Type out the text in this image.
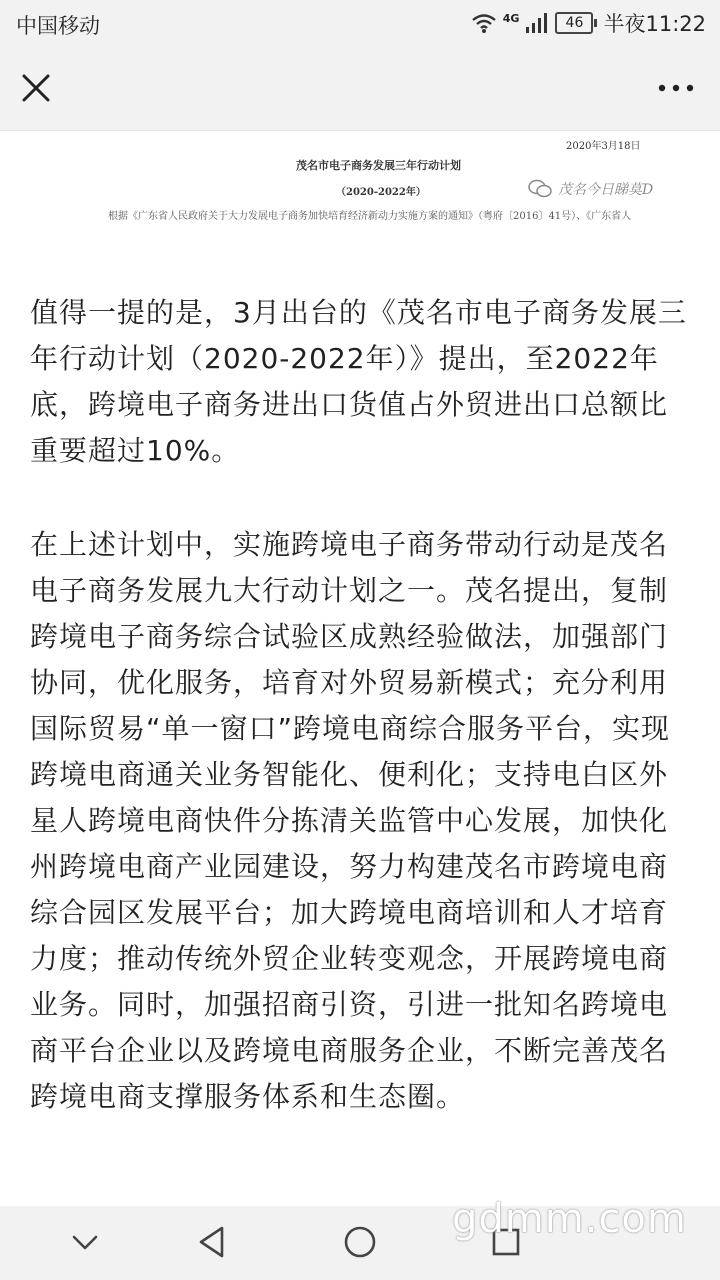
中国移动	4G	46 半夜11:22
2020年3月18日
茂名市电子商务发展三年行动计划
（2020-2022年）
根据《广东省人民政府关于大力发展电子商务加快培育经济新动力实施方案的通知》（粤府〔2016〕41号）、《广东省人
茂名今日睇莫D

值得一提的是，3月出台的《茂名市电子商务发展三年行动计划（2020-2022年）》提出，至2022年底，跨境电子商务进出口货值占外贸进出口总额比重要超过10%。

在上述计划中，实施跨境电子商务带动行动是茂名电子商务发展九大行动计划之一。茂名提出，复制跨境电子商务综合试验区成熟经验做法，加强部门协同，优化服务，培育对外贸易新模式；充分利用国际贸易“单一窗口”跨境电商综合服务平台，实现跨境电商通关业务智能化、便利化；支持电白区外星人跨境电商快件分拣清关监管中心发展，加快化州跨境电商产业园建设，努力构建茂名市跨境电商综合园区发展平台；加大跨境电商培训和人才培育力度；推动传统外贸企业转变观念，开展跨境电商业务。同时，加强招商引资，引进一批知名跨境电商平台企业以及跨境电商服务企业，不断完善茂名跨境电商支撑服务体系和生态圈。

gdmm.com
